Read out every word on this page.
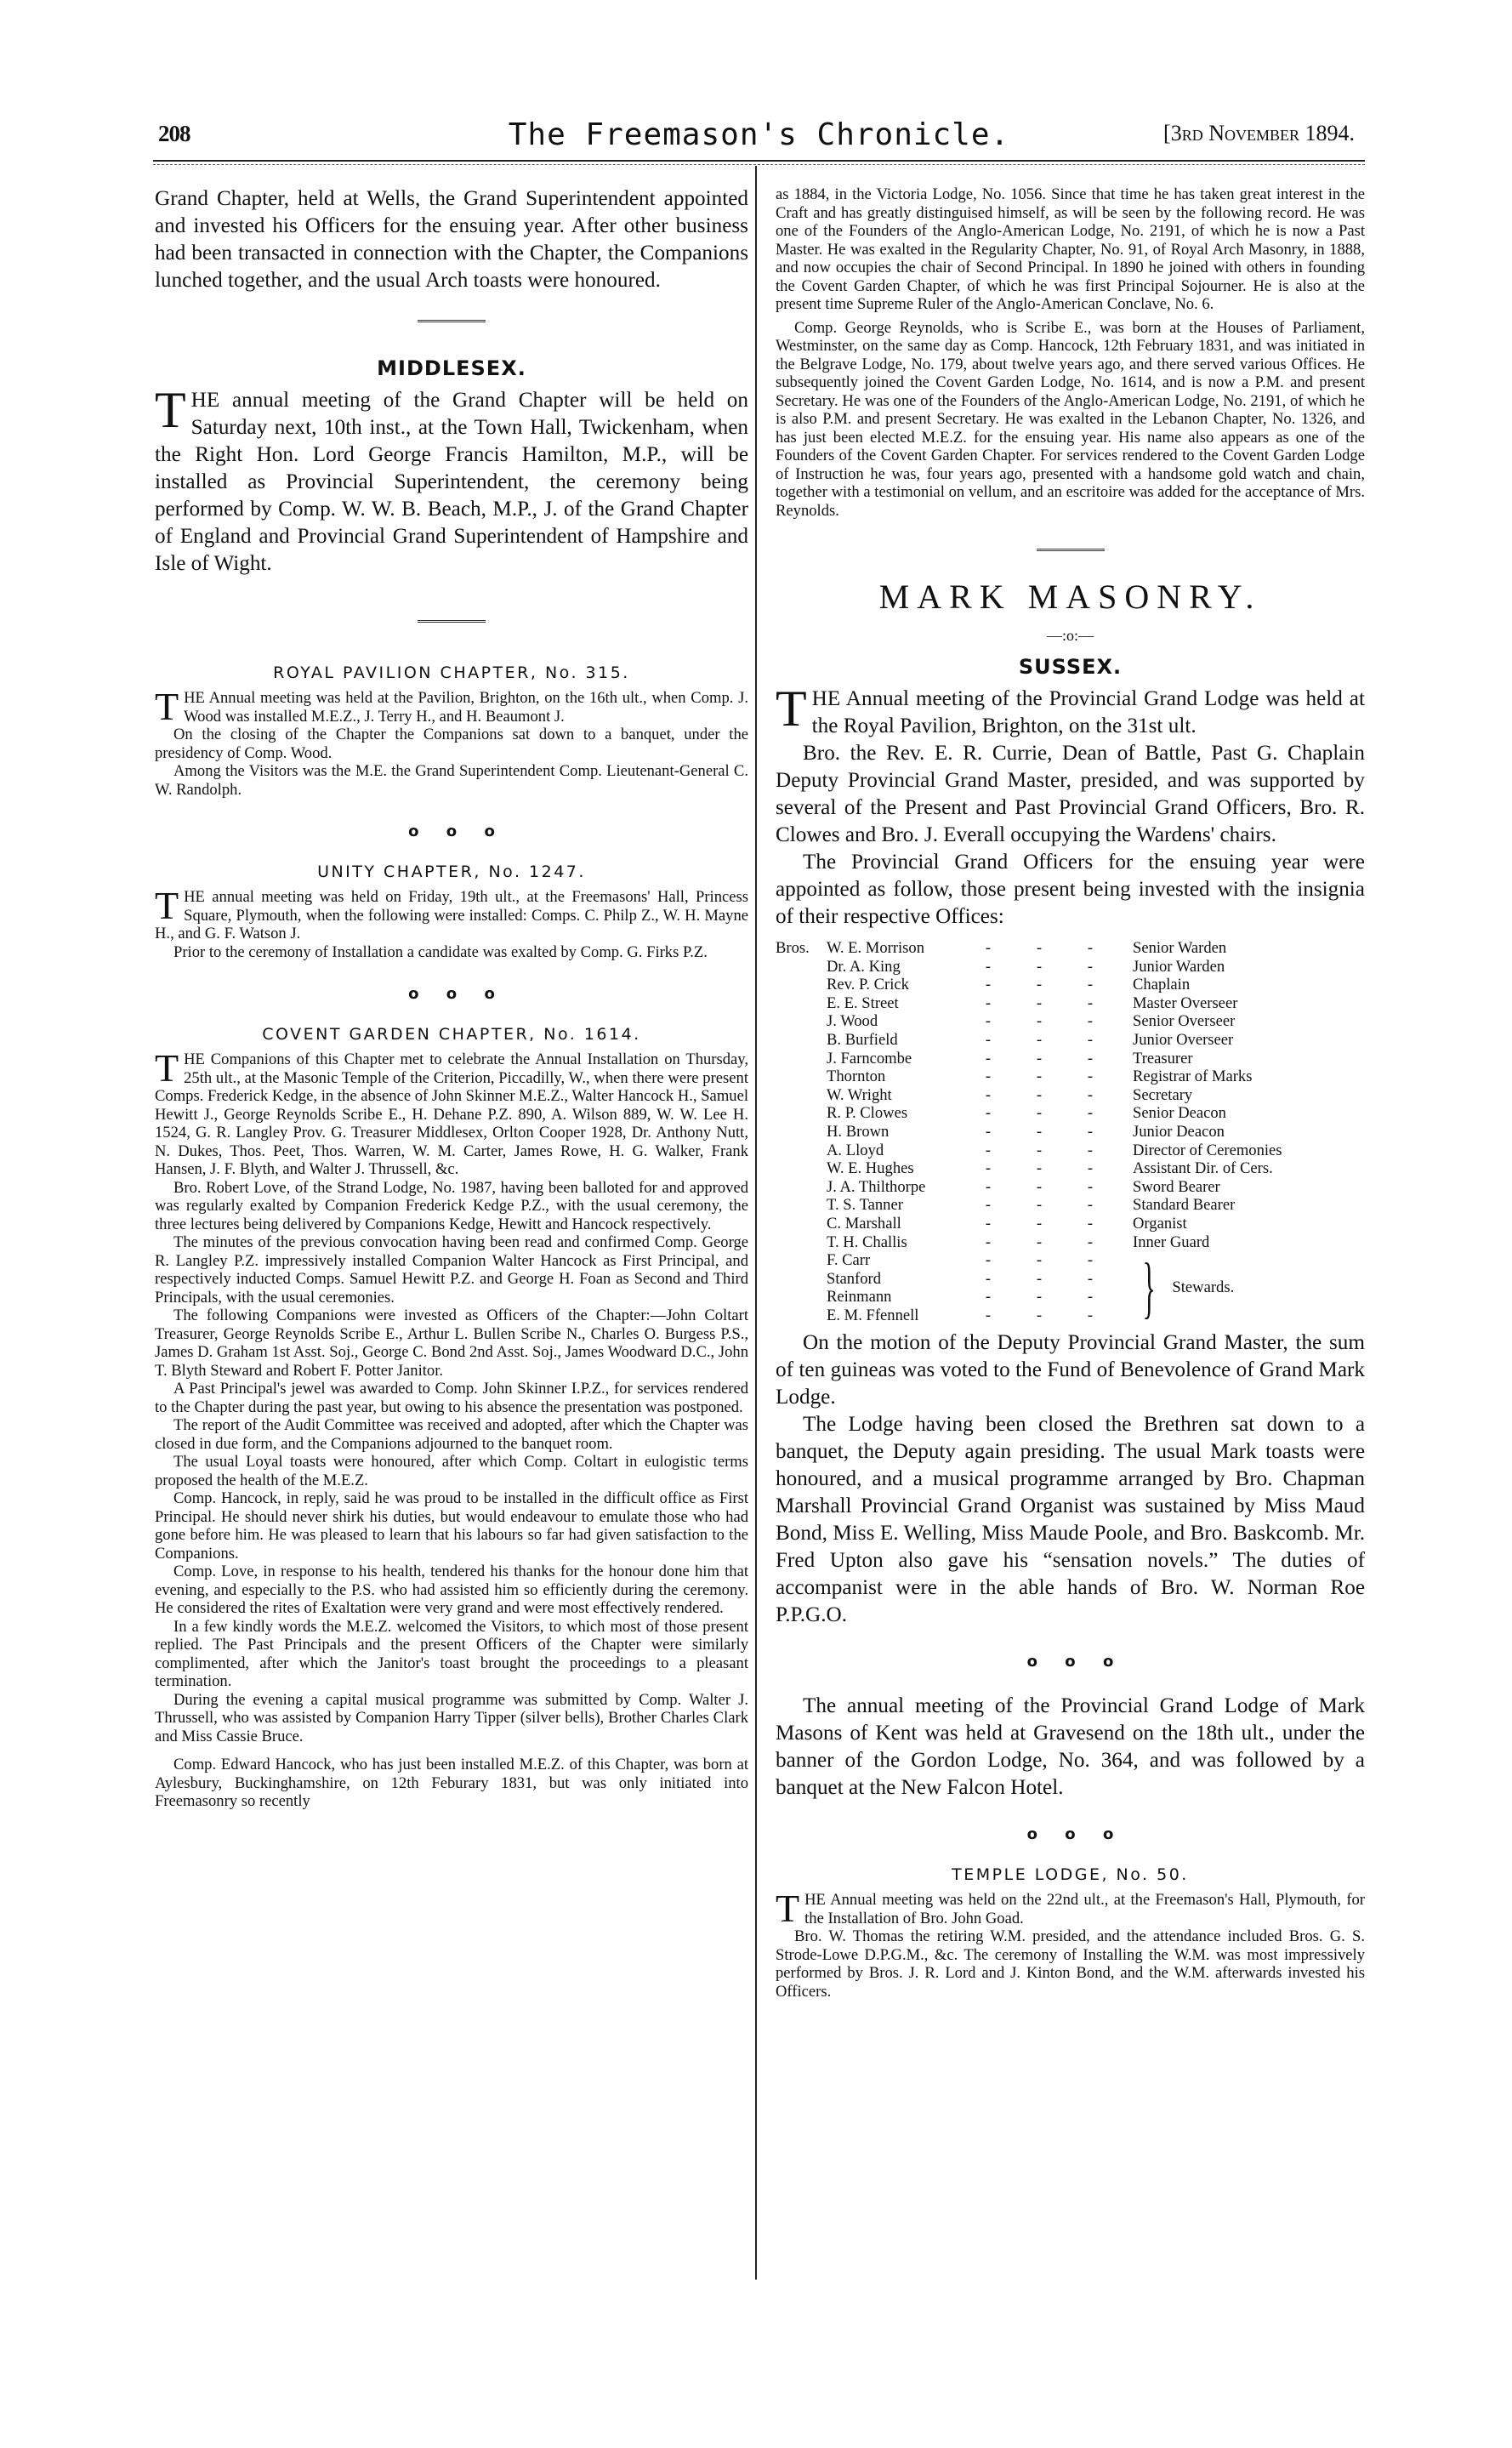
208	The Freemason's Chronicle.	[3rd November 1894.

Grand Chapter, held at Wells, the Grand Superintendent appointed and invested his Officers for the ensuing year. After other business had been transacted in connection with the Chapter, the Companions lunched together, and the usual Arch toasts were honoured.

MIDDLESEX.

THE annual meeting of the Grand Chapter will be held on Saturday next, 10th inst., at the Town Hall, Twickenham, when the Right Hon. Lord George Francis Hamilton, M.P., will be installed as Provincial Superintendent, the ceremony being performed by Comp. W. W. B. Beach, M.P., J. of the Grand Chapter of England and Provincial Grand Superintendent of Hampshire and Isle of Wight.

ROYAL PAVILION CHAPTER, No. 315.

THE Annual meeting was held at the Pavilion, Brighton, on the 16th ult., when Comp. J. Wood was installed M.E.Z., J. Terry H., and H. Beaumont J.

On the closing of the Chapter the Companions sat down to a banquet, under the presidency of Comp. Wood.

Among the Visitors was the M.E. the Grand Superintendent Comp. Lieutenant-General C. W. Randolph.

o o o
UNITY CHAPTER, No. 1247.

THE annual meeting was held on Friday, 19th ult., at the Freemasons' Hall, Princess Square, Plymouth, when the following were installed: Comps. C. Philp Z., W. H. Mayne H., and G. F. Watson J.

Prior to the ceremony of Installation a candidate was exalted by Comp. G. Firks P.Z.

o o o
COVENT GARDEN CHAPTER, No. 1614.

THE Companions of this Chapter met to celebrate the Annual Installation on Thursday, 25th ult., at the Masonic Temple of the Criterion, Piccadilly, W., when there were present Comps. Frederick Kedge, in the absence of John Skinner M.E.Z., Walter Hancock H., Samuel Hewitt J., George Reynolds Scribe E., H. Dehane P.Z. 890, A. Wilson 889, W. W. Lee H. 1524, G. R. Langley Prov. G. Treasurer Middlesex, Orlton Cooper 1928, Dr. Anthony Nutt, N. Dukes, Thos. Peet, Thos. Warren, W. M. Carter, James Rowe, H. G. Walker, Frank Hansen, J. F. Blyth, and Walter J. Thrussell, &c.

Bro. Robert Love, of the Strand Lodge, No. 1987, having been balloted for and approved was regularly exalted by Companion Frederick Kedge P.Z., with the usual ceremony, the three lectures being delivered by Companions Kedge, Hewitt and Hancock respectively.

The minutes of the previous convocation having been read and confirmed Comp. George R. Langley P.Z. impressively installed Companion Walter Hancock as First Principal, and respectively inducted Comps. Samuel Hewitt P.Z. and George H. Foan as Second and Third Principals, with the usual ceremonies.

The following Companions were invested as Officers of the Chapter:—John Coltart Treasurer, George Reynolds Scribe E., Arthur L. Bullen Scribe N., Charles O. Burgess P.S., James D. Graham 1st Asst. Soj., George C. Bond 2nd Asst. Soj., James Woodward D.C., John T. Blyth Steward and Robert F. Potter Janitor.

A Past Principal's jewel was awarded to Comp. John Skinner I.P.Z., for services rendered to the Chapter during the past year, but owing to his absence the presentation was postponed.

The report of the Audit Committee was received and adopted, after which the Chapter was closed in due form, and the Companions adjourned to the banquet room.

The usual Loyal toasts were honoured, after which Comp. Coltart in eulogistic terms proposed the health of the M.E.Z.

Comp. Hancock, in reply, said he was proud to be installed in the difficult office as First Principal. He should never shirk his duties, but would endeavour to emulate those who had gone before him. He was pleased to learn that his labours so far had given satisfaction to the Companions.

Comp. Love, in response to his health, tendered his thanks for the honour done him that evening, and especially to the P.S. who had assisted him so efficiently during the ceremony. He considered the rites of Exaltation were very grand and were most effectively rendered.

In a few kindly words the M.E.Z. welcomed the Visitors, to which most of those present replied. The Past Principals and the present Officers of the Chapter were similarly complimented, after which the Janitor's toast brought the proceedings to a pleasant termination.

During the evening a capital musical programme was submitted by Comp. Walter J. Thrussell, who was assisted by Companion Harry Tipper (silver bells), Brother Charles Clark and Miss Cassie Bruce.

Comp. Edward Hancock, who has just been installed M.E.Z. of this Chapter, was born at Aylesbury, Buckinghamshire, on 12th Feburary 1831, but was only initiated into Freemasonry so recently

as 1884, in the Victoria Lodge, No. 1056. Since that time he has taken great interest in the Craft and has greatly distinguised himself, as will be seen by the following record. He was one of the Founders of the Anglo-American Lodge, No. 2191, of which he is now a Past Master. He was exalted in the Regularity Chapter, No. 91, of Royal Arch Masonry, in 1888, and now occupies the chair of Second Principal. In 1890 he joined with others in founding the Covent Garden Chapter, of which he was first Principal Sojourner. He is also at the present time Supreme Ruler of the Anglo-American Conclave, No. 6.

Comp. George Reynolds, who is Scribe E., was born at the Houses of Parliament, Westminster, on the same day as Comp. Hancock, 12th February 1831, and was initiated in the Belgrave Lodge, No. 179, about twelve years ago, and there served various Offices. He subsequently joined the Covent Garden Lodge, No. 1614, and is now a P.M. and present Secretary. He was one of the Founders of the Anglo-American Lodge, No. 2191, of which he is also P.M. and present Secretary. He was exalted in the Lebanon Chapter, No. 1326, and has just been elected M.E.Z. for the ensuing year. His name also appears as one of the Founders of the Covent Garden Chapter. For services rendered to the Covent Garden Lodge of Instruction he was, four years ago, presented with a handsome gold watch and chain, together with a testimonial on vellum, and an escritoire was added for the acceptance of Mrs. Reynolds.

MARK MASONRY.
—:o:—
SUSSEX.

THE Annual meeting of the Provincial Grand Lodge was held at the Royal Pavilion, Brighton, on the 31st ult.

Bro. the Rev. E. R. Currie, Dean of Battle, Past G. Chaplain Deputy Provincial Grand Master, presided, and was supported by several of the Present and Past Provincial Grand Officers, Bro. R. Clowes and Bro. J. Everall occupying the Wardens' chairs.

The Provincial Grand Officers for the ensuing year were appointed as follow, those present being invested with the insignia of their respective Offices:

Bros.	W. E. Morrison	- - -	Senior Warden
	Dr. A. King	- - -	Junior Warden
	Rev. P. Crick	- - -	Chaplain
	E. E. Street	- - -	Master Overseer
	J. Wood	- - -	Senior Overseer
	B. Burfield	- - -	Junior Overseer
	J. Farncombe	- - -	Treasurer
	Thornton	- - -	Registrar of Marks
	W. Wright	- - -	Secretary
	R. P. Clowes	- - -	Senior Deacon
	H. Brown	- - -	Junior Deacon
	A. Lloyd	- - -	Director of Ceremonies
	W. E. Hughes	- - -	Assistant Dir. of Cers.
	J. A. Thilthorpe	- - -	Sword Bearer
	T. S. Tanner	- - -	Standard Bearer
	C. Marshall	- - -	Organist
	T. H. Challis	- - -	Inner Guard
	F. Carr	- - -	} Stewards.

	Stanford	- - -	
	Reinmann	- - -	
	E. M. Ffennell	- - -	

On the motion of the Deputy Provincial Grand Master, the sum of ten guineas was voted to the Fund of Benevolence of Grand Mark Lodge.

The Lodge having been closed the Brethren sat down to a banquet, the Deputy again presiding. The usual Mark toasts were honoured, and a musical programme arranged by Bro. Chapman Marshall Provincial Grand Organist was sustained by Miss Maud Bond, Miss E. Welling, Miss Maude Poole, and Bro. Baskcomb. Mr. Fred Upton also gave his “sensation novels.” The duties of accompanist were in the able hands of Bro. W. Norman Roe P.P.G.O.

o o o

The annual meeting of the Provincial Grand Lodge of Mark Masons of Kent was held at Gravesend on the 18th ult., under the banner of the Gordon Lodge, No. 364, and was followed by a banquet at the New Falcon Hotel.

o o o
TEMPLE LODGE, No. 50.

THE Annual meeting was held on the 22nd ult., at the Freemason's Hall, Plymouth, for the Installation of Bro. John Goad.

Bro. W. Thomas the retiring W.M. presided, and the attendance included Bros. G. S. Strode-Lowe D.P.G.M., &c. The ceremony of Installing the W.M. was most impressively performed by Bros. J. R. Lord and J. Kinton Bond, and the W.M. afterwards invested his Officers.
